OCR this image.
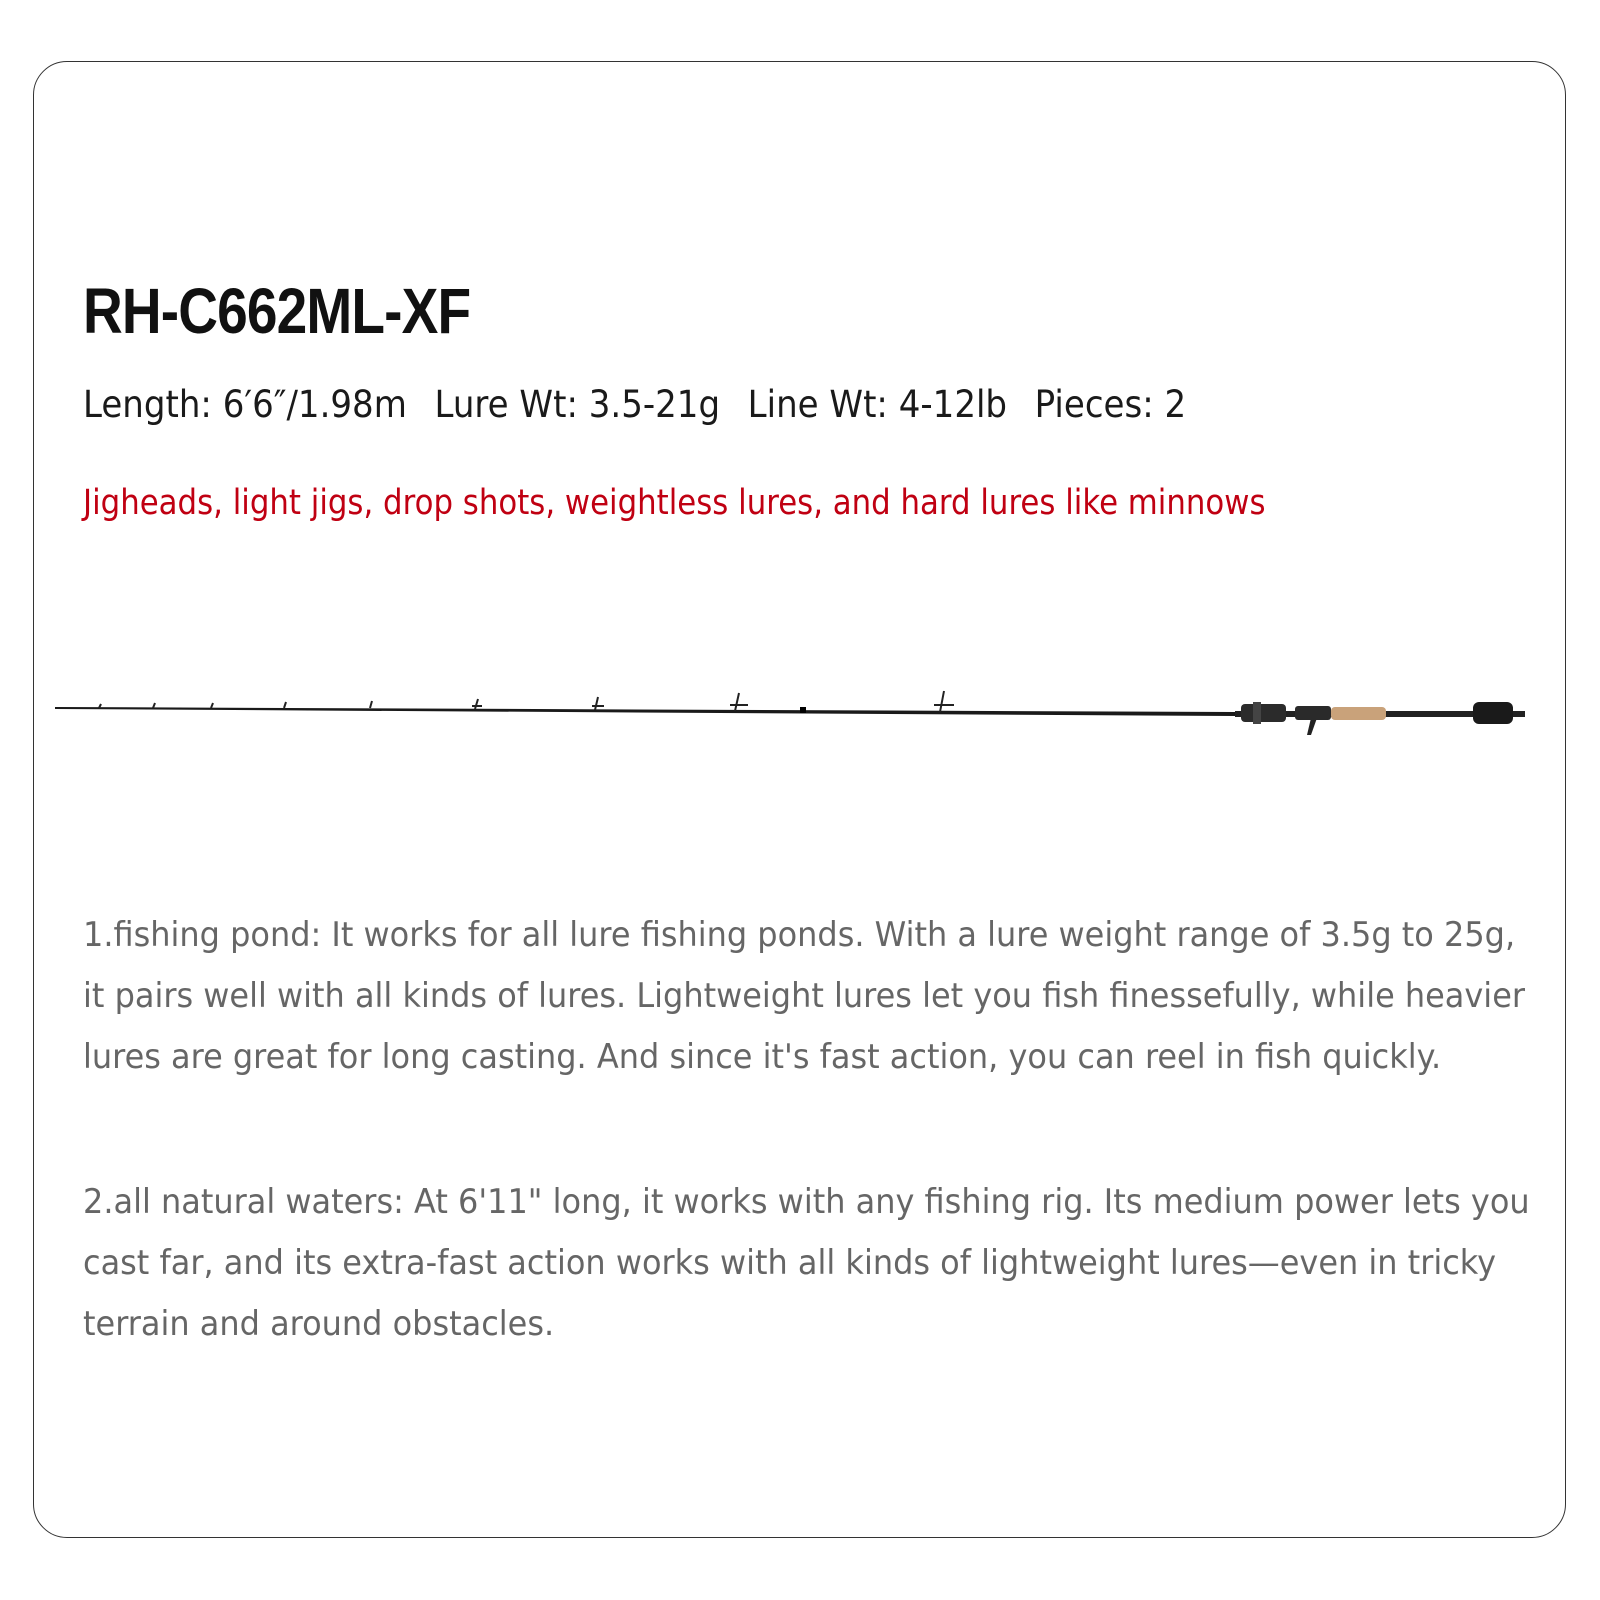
RH-C662ML-XF
Length: 6′6″/1.98m Lure Wt: 3.5-21g Line Wt: 4-12lb Pieces: 2
Jigheads, light jigs, drop shots, weightless lures, and hard lures like minnows

1.fishing pond: It works for all lure fishing ponds. With a lure weight range of 3.5g to 25g, it pairs well with all kinds of lures. Lightweight lures let you fish finessefully, while heavier lures are great for long casting. And since it's fast action, you can reel in fish quickly.

2.all natural waters: At 6'11" long, it works with any fishing rig. Its medium power lets you cast far, and its extra-fast action works with all kinds of lightweight lures—even in tricky terrain and around obstacles.
